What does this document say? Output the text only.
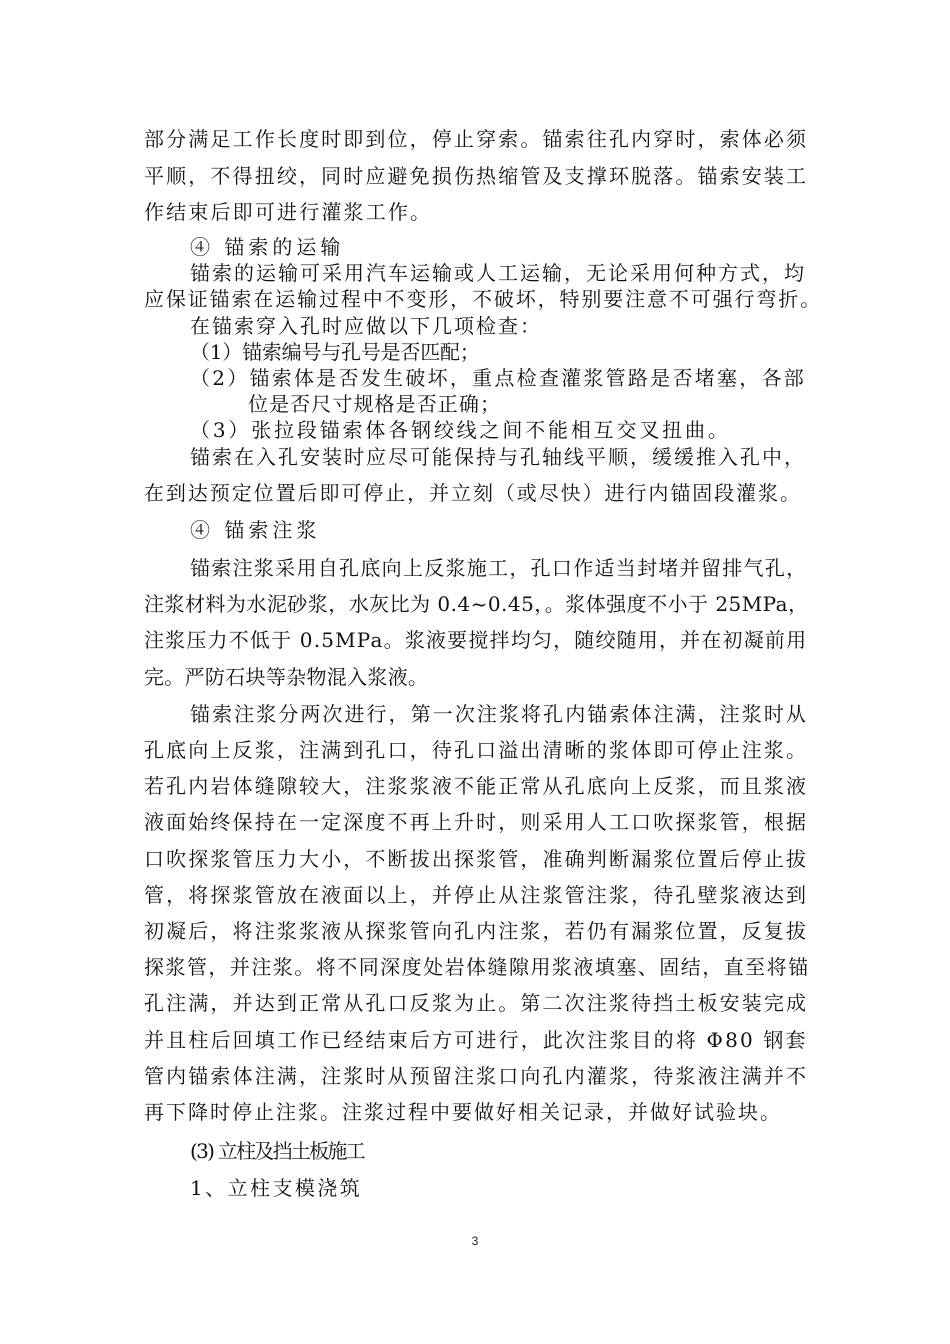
部分满足工作长度时即到位，停止穿索。锚索往孔内穿时，索体必须
平顺，不得扭绞，同时应避免损伤热缩管及支撑环脱落。锚索安装工
作结束后即可进行灌浆工作。
④ 锚索的运输
锚索的运输可采用汽车运输或人工运输，无论采用何种方式，均
应保证锚索在运输过程中不变形，不破坏，特别要注意不可强行弯折。
在锚索穿入孔时应做以下几项检查：
（1）锚索编号与孔号是否匹配；
（2）锚索体是否发生破坏，重点检查灌浆管路是否堵塞，各部
位是否尺寸规格是否正确；
（3）张拉段锚索体各钢绞线之间不能相互交叉扭曲。
锚索在入孔安装时应尽可能保持与孔轴线平顺，缓缓推入孔中，
在到达预定位置后即可停止，并立刻（或尽快）进行内锚固段灌浆。
④ 锚索注浆
锚索注浆采用自孔底向上反浆施工，孔口作适当封堵并留排气孔，
注浆材料为水泥砂浆，水灰比为 0.4~0.45，。浆体强度不小于 25MPa，
注浆压力不低于 0.5MPa。浆液要搅拌均匀，随绞随用，并在初凝前用
完。严防石块等杂物混入浆液。
锚索注浆分两次进行，第一次注浆将孔内锚索体注满，注浆时从
孔底向上反浆，注满到孔口，待孔口溢出清晰的浆体即可停止注浆。
若孔内岩体缝隙较大，注浆浆液不能正常从孔底向上反浆，而且浆液
液面始终保持在一定深度不再上升时，则采用人工口吹探浆管，根据
口吹探浆管压力大小，不断拔出探浆管，准确判断漏浆位置后停止拔
管，将探浆管放在液面以上，并停止从注浆管注浆，待孔壁浆液达到
初凝后，将注浆浆液从探浆管向孔内注浆，若仍有漏浆位置，反复拔
探浆管，并注浆。将不同深度处岩体缝隙用浆液填塞、固结，直至将锚
孔注满，并达到正常从孔口反浆为止。第二次注浆待挡土板安装完成
并且柱后回填工作已经结束后方可进行，此次注浆目的将 Φ80 钢套
管内锚索体注满，注浆时从预留注浆口向孔内灌浆，待浆液注满并不
再下降时停止注浆。注浆过程中要做好相关记录，并做好试验块。
(3) 立柱及挡土板施工
1、立柱支模浇筑
3
